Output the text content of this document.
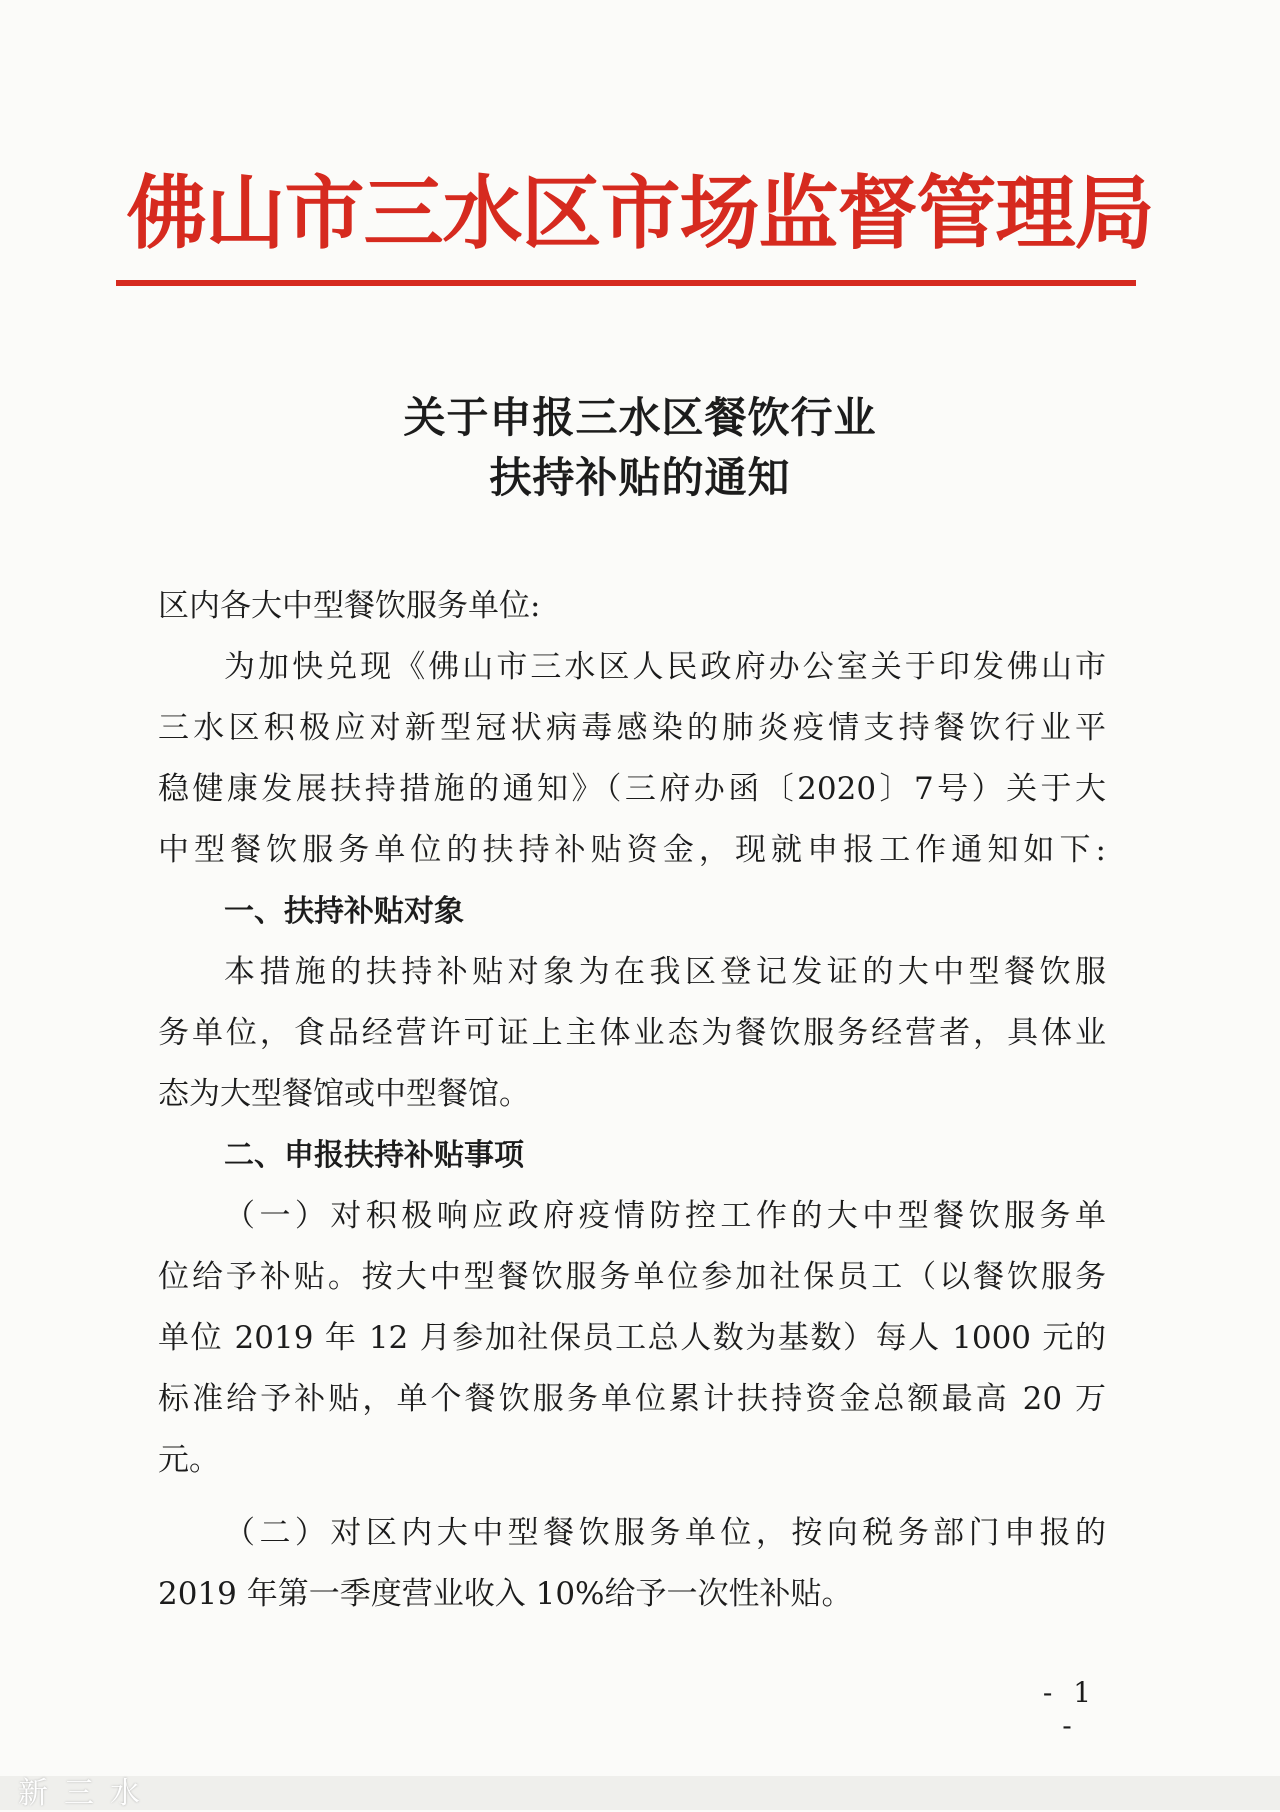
佛山市三水区市场监督管理局
关于申报三水区餐饮行业
扶持补贴的通知
区内各大中型餐饮服务单位:
为加快兑现《佛山市三水区人民政府办公室关于印发佛山市
三水区积极应对新型冠状病毒感染的肺炎疫情支持餐饮行业平
稳健康发展扶持措施的通知》（三府办函〔2020〕7号）关于大
中型餐饮服务单位的扶持补贴资金，现就申报工作通知如下:
一、扶持补贴对象
本措施的扶持补贴对象为在我区登记发证的大中型餐饮服
务单位，食品经营许可证上主体业态为餐饮服务经营者，具体业
态为大型餐馆或中型餐馆。
二、申报扶持补贴事项
（一）对积极响应政府疫情防控工作的大中型餐饮服务单
位给予补贴。按大中型餐饮服务单位参加社保员工（以餐饮服务
单位 2019 年 12 月参加社保员工总人数为基数）每人 1000 元的
标准给予补贴，单个餐饮服务单位累计扶持资金总额最高 20 万
元。
（二）对区内大中型餐饮服务单位，按向税务部门申报的
2019 年第一季度营业收入 10%给予一次性补贴。
- 1 -
新三水
